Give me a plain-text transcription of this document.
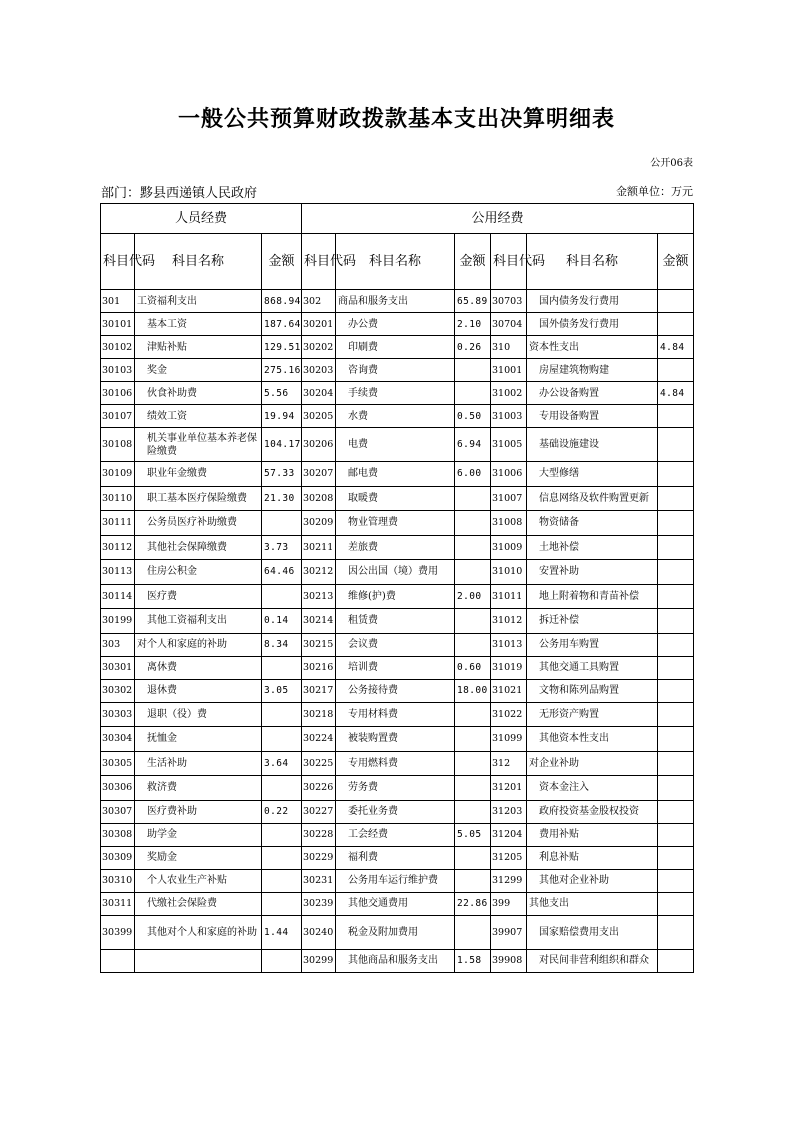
一般公共预算财政拨款基本支出决算明细表
公开06表
部门：黟县西递镇人民政府	金额单位：万元
人员经费			公用经费					
科目代码	科目名称	金额	科目代码	科目名称	金额	科目代码	科目名称	金额
301	工资福利支出	868.94	302	商品和服务支出	65.89	30703	国内债务发行费用	
30101	基本工资	187.64	30201	办公费	2.10	30704	国外债务发行费用	
30102	津贴补贴	129.51	30202	印刷费	0.26	310	资本性支出	4.84
30103	奖金	275.16	30203	咨询费		31001	房屋建筑物购建	
30106	伙食补助费	5.56	30204	手续费		31002	办公设备购置	4.84
30107	绩效工资	19.94	30205	水费	0.50	31003	专用设备购置	
30108	机关事业单位基本养老保险缴费	104.17	30206	电费	6.94	31005	基础设施建设	
30109	职业年金缴费	57.33	30207	邮电费	6.00	31006	大型修缮	
30110	职工基本医疗保险缴费	21.30	30208	取暖费		31007	信息网络及软件购置更新	
30111	公务员医疗补助缴费		30209	物业管理费		31008	物资储备	
30112	其他社会保障缴费	3.73	30211	差旅费		31009	土地补偿	
30113	住房公积金	64.46	30212	因公出国（境）费用		31010	安置补助	
30114	医疗费		30213	维修(护)费	2.00	31011	地上附着物和青苗补偿	
30199	其他工资福利支出	0.14	30214	租赁费		31012	拆迁补偿	
303	对个人和家庭的补助	8.34	30215	会议费		31013	公务用车购置	
30301	离休费		30216	培训费	0.60	31019	其他交通工具购置	
30302	退休费	3.05	30217	公务接待费	18.00	31021	文物和陈列品购置	
30303	退职（役）费		30218	专用材料费		31022	无形资产购置	
30304	抚恤金		30224	被装购置费		31099	其他资本性支出	
30305	生活补助	3.64	30225	专用燃料费		312	对企业补助	
30306	救济费		30226	劳务费		31201	资本金注入	
30307	医疗费补助	0.22	30227	委托业务费		31203	政府投资基金股权投资	
30308	助学金		30228	工会经费	5.05	31204	费用补贴	
30309	奖励金		30229	福利费		31205	利息补贴	
30310	个人农业生产补贴		30231	公务用车运行维护费		31299	其他对企业补助	
30311	代缴社会保险费		30239	其他交通费用	22.86	399	其他支出	
30399	其他对个人和家庭的补助	1.44	30240	税金及附加费用		39907	国家赔偿费用支出	
			30299	其他商品和服务支出	1.58	39908	对民间非营利组织和群众	
